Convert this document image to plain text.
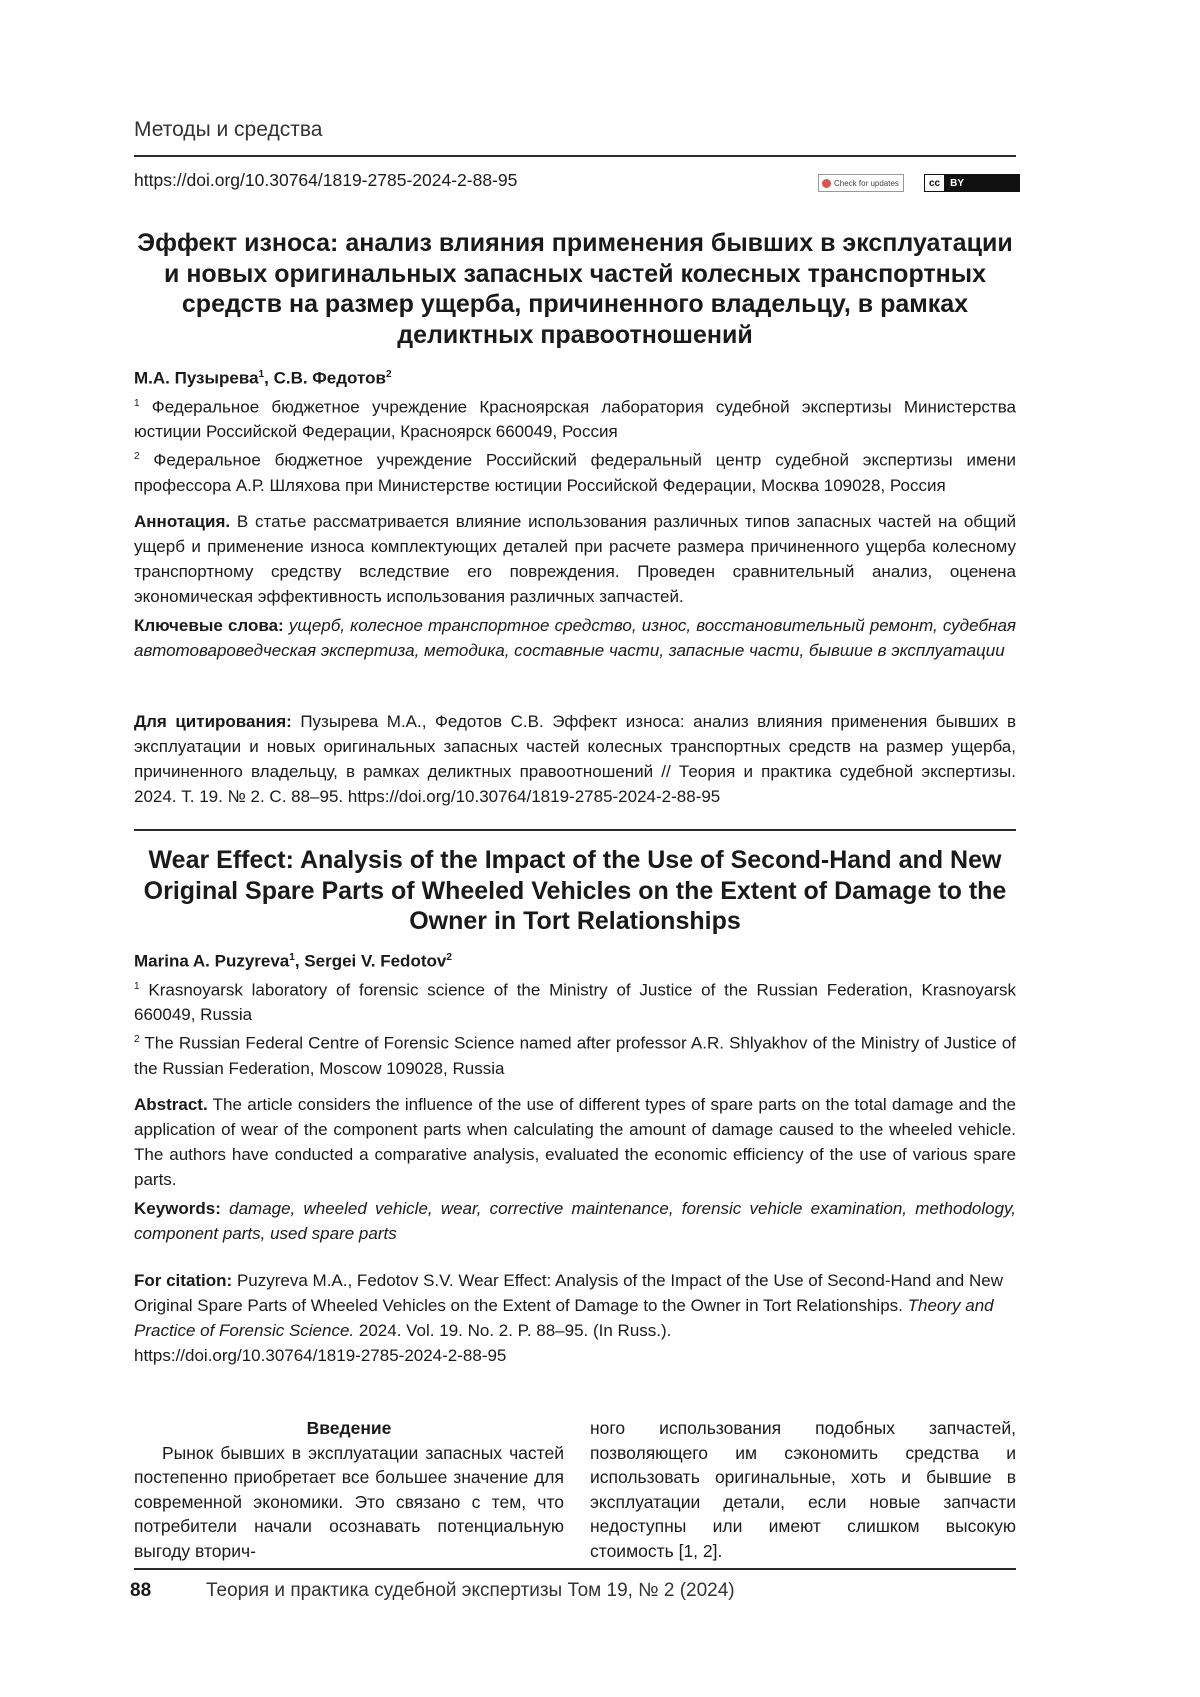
Методы и средства
https://doi.org/10.30764/1819-2785-2024-2-88-95	Check for updates	cc	BY
Эффект износа: анализ влияния применения бывших в эксплуатации и новых оригинальных запасных частей колесных транспортных средств на размер ущерба, причиненного владельцу, в рамках деликтных правоотношений

М.А. Пузырева$^1$, С.В. Федотов$^2$

$^1$ Федеральное бюджетное учреждение Красноярская лаборатория судебной экспертизы Министерства юстиции Российской Федерации, Красноярск 660049, Россия

$^2$ Федеральное бюджетное учреждение Российский федеральный центр судебной экспертизы имени профессора А.Р. Шляхова при Министерстве юстиции Российской Федерации, Москва 109028, Россия

Аннотация. В статье рассматривается влияние использования различных типов запасных частей на общий ущерб и применение износа комплектующих деталей при расчете размера причиненного ущерба колесному транспортному средству вследствие его повреждения. Проведен сравнительный анализ, оценена экономическая эффективность использования различных запчастей.

Ключевые слова: ущерб, колесное транспортное средство, износ, восстановительный ремонт, судебная автотовароведческая экспертиза, методика, составные части, запасные части, бывшие в эксплуатации

Для цитирования: Пузырева М.А., Федотов С.В. Эффект износа: анализ влияния применения бывших в эксплуатации и новых оригинальных запасных частей колесных транспортных средств на размер ущерба, причиненного владельцу, в рамках деликтных правоотношений // Теория и практика судебной экспертизы. 2024. Т. 19. № 2. С. 88–95. https://doi.org/10.30764/1819-2785-2024-2-88-95

Wear Effect: Analysis of the Impact of the Use of Second-Hand and New Original Spare Parts of Wheeled Vehicles on the Extent of Damage to the Owner in Tort Relationships

Marina A. Puzyreva$^1$, Sergei V. Fedotov$^2$

$^1$ Krasnoyarsk laboratory of forensic science of the Ministry of Justice of the Russian Federation, Krasnoyarsk 660049, Russia

$^2$ The Russian Federal Centre of Forensic Science named after professor A.R. Shlyakhov of the Ministry of Justice of the Russian Federation, Moscow 109028, Russia

Abstract. The article considers the influence of the use of different types of spare parts on the total damage and the application of wear of the component parts when calculating the amount of damage caused to the wheeled vehicle. The authors have conducted a comparative analysis, evaluated the economic efficiency of the use of various spare parts.

Keywords: damage, wheeled vehicle, wear, corrective maintenance, forensic vehicle examination, methodology, component parts, used spare parts

For citation: Puzyreva M.A., Fedotov S.V. Wear Effect: Analysis of the Impact of the Use of Second-Hand and New Original Spare Parts of Wheeled Vehicles on the Extent of Damage to the Owner in Tort Relationships. Theory and Practice of Forensic Science. 2024. Vol. 19. No. 2. P. 88–95. (In Russ.).

https://doi.org/10.30764/1819-2785-2024-2-88-95

Введение

Рынок бывших в эксплуатации запасных частей постепенно приобретает все большее значение для современной экономики. Это связано с тем, что потребители начали осознавать потенциальную выгоду вторич-

ного использования подобных запчастей, позволяющего им сэкономить средства и использовать оригинальные, хоть и бывшие в эксплуатации детали, если новые запчасти недоступны или имеют слишком высокую стоимость [1, 2].

88	Теория и практика судебной экспертизы Том 19, № 2 (2024)
